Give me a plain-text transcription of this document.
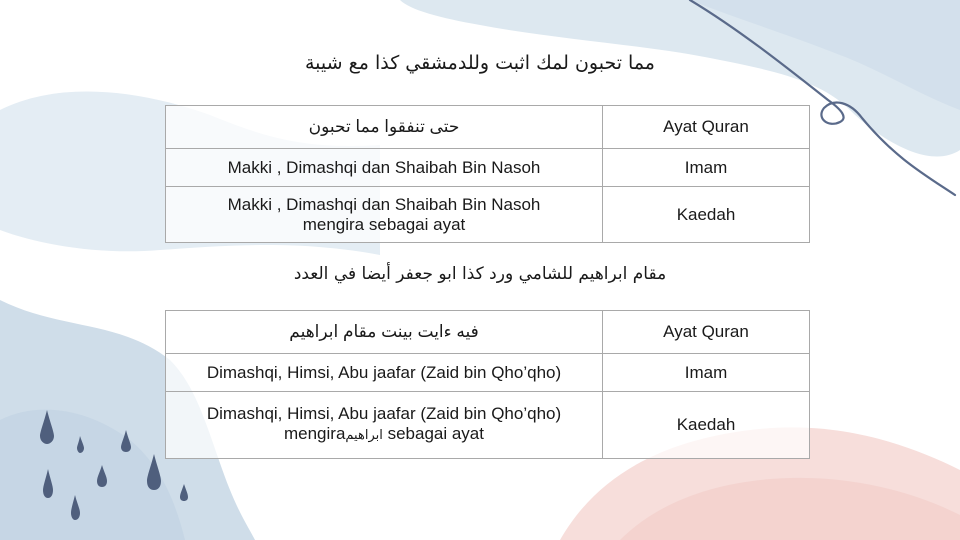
مما تحبون لمك اثبت وللدمشقي كذا مع شيبة
حتى تنفقوا مما تحبون	Ayat Quran
Makki , Dimashqi dan Shaibah Bin Nasoh	Imam
Makki , Dimashqi dan Shaibah Bin Nasoh
mengira sebagai ayat	Kaedah
مقام ابراهيم للشامي ورد كذا ابو جعفر أيضا في العدد
فيه ءايت بينت مقام ابراهيم	Ayat Quran
Dimashqi, Himsi, Abu jaafar (Zaid bin Qho’qho)	Imam
Dimashqi, Himsi, Abu jaafar (Zaid bin Qho’qho)
mengiraابراهيم sebagai ayat	Kaedah
